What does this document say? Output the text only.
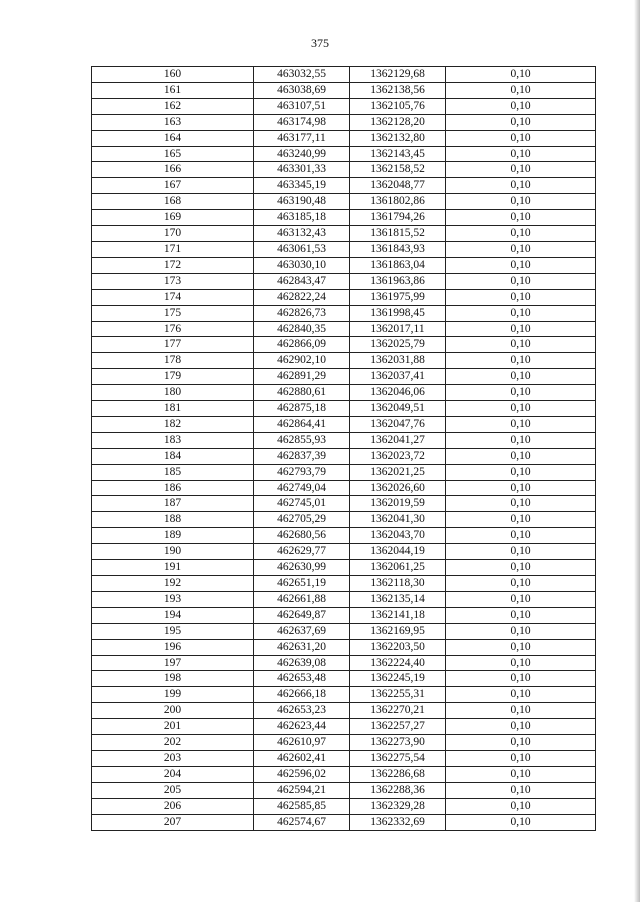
375
160	463032,55	1362129,68	0,10
161	463038,69	1362138,56	0,10
162	463107,51	1362105,76	0,10
163	463174,98	1362128,20	0,10
164	463177,11	1362132,80	0,10
165	463240,99	1362143,45	0,10
166	463301,33	1362158,52	0,10
167	463345,19	1362048,77	0,10
168	463190,48	1361802,86	0,10
169	463185,18	1361794,26	0,10
170	463132,43	1361815,52	0,10
171	463061,53	1361843,93	0,10
172	463030,10	1361863,04	0,10
173	462843,47	1361963,86	0,10
174	462822,24	1361975,99	0,10
175	462826,73	1361998,45	0,10
176	462840,35	1362017,11	0,10
177	462866,09	1362025,79	0,10
178	462902,10	1362031,88	0,10
179	462891,29	1362037,41	0,10
180	462880,61	1362046,06	0,10
181	462875,18	1362049,51	0,10
182	462864,41	1362047,76	0,10
183	462855,93	1362041,27	0,10
184	462837,39	1362023,72	0,10
185	462793,79	1362021,25	0,10
186	462749,04	1362026,60	0,10
187	462745,01	1362019,59	0,10
188	462705,29	1362041,30	0,10
189	462680,56	1362043,70	0,10
190	462629,77	1362044,19	0,10
191	462630,99	1362061,25	0,10
192	462651,19	1362118,30	0,10
193	462661,88	1362135,14	0,10
194	462649,87	1362141,18	0,10
195	462637,69	1362169,95	0,10
196	462631,20	1362203,50	0,10
197	462639,08	1362224,40	0,10
198	462653,48	1362245,19	0,10
199	462666,18	1362255,31	0,10
200	462653,23	1362270,21	0,10
201	462623,44	1362257,27	0,10
202	462610,97	1362273,90	0,10
203	462602,41	1362275,54	0,10
204	462596,02	1362286,68	0,10
205	462594,21	1362288,36	0,10
206	462585,85	1362329,28	0,10
207	462574,67	1362332,69	0,10
